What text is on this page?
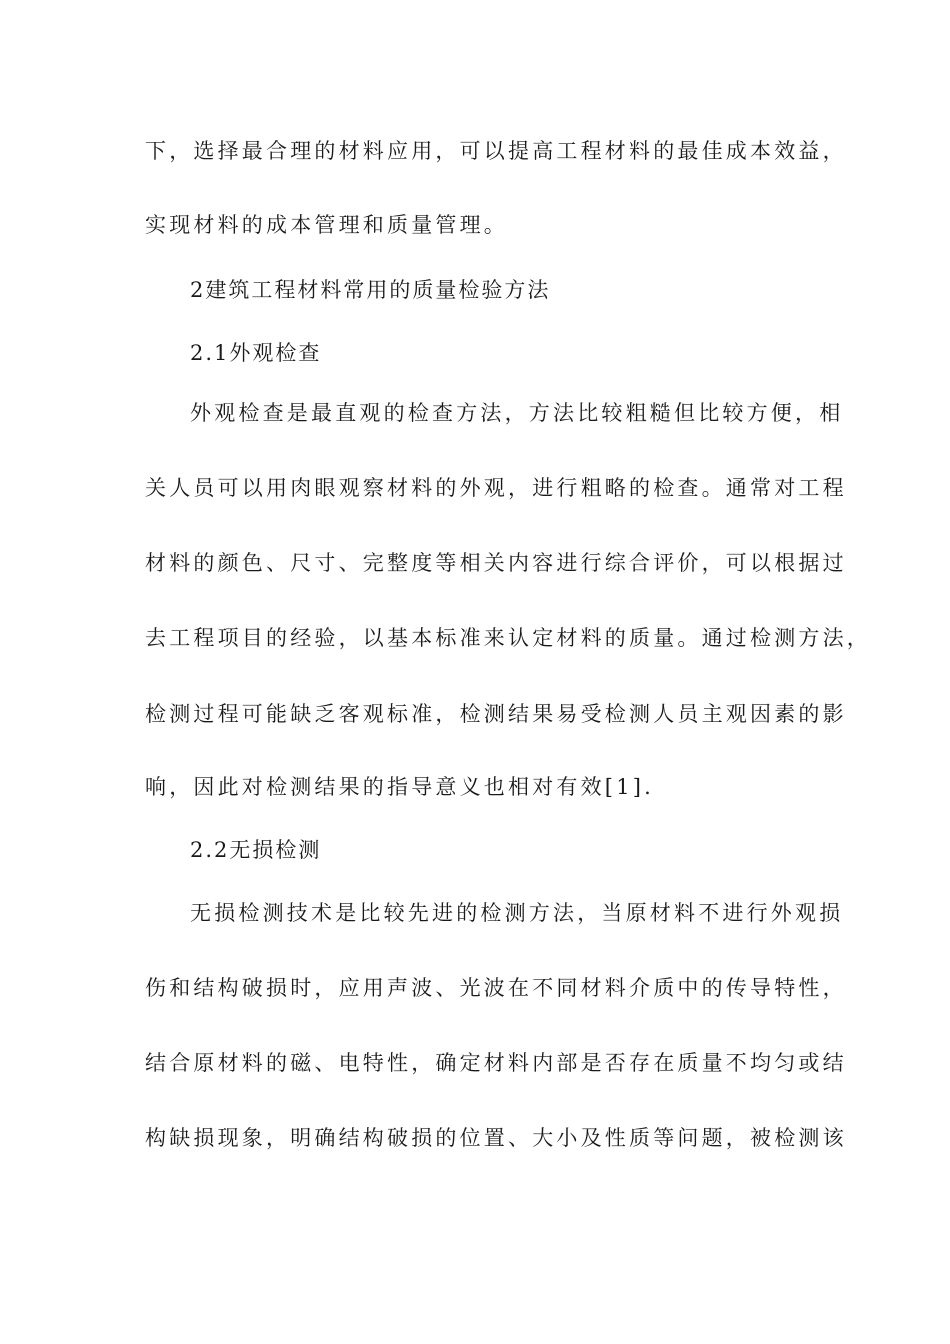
下，选择最合理的材料应用，可以提高工程材料的最佳成本效益，
实现材料的成本管理和质量管理。
2建筑工程材料常用的质量检验方法
2.1外观检查
外观检查是最直观的检查方法，方法比较粗糙但比较方便，相
关人员可以用肉眼观察材料的外观，进行粗略的检查。通常对工程
材料的颜色、尺寸、完整度等相关内容进行综合评价，可以根据过
去工程项目的经验，以基本标准来认定材料的质量。通过检测方法，
检测过程可能缺乏客观标准，检测结果易受检测人员主观因素的影
响，因此对检测结果的指导意义也相对有效[1].
2.2无损检测
无损检测技术是比较先进的检测方法，当原材料不进行外观损
伤和结构破损时，应用声波、光波在不同材料介质中的传导特性，
结合原材料的磁、电特性，确定材料内部是否存在质量不均匀或结
构缺损现象，明确结构破损的位置、大小及性质等问题，被检测该
